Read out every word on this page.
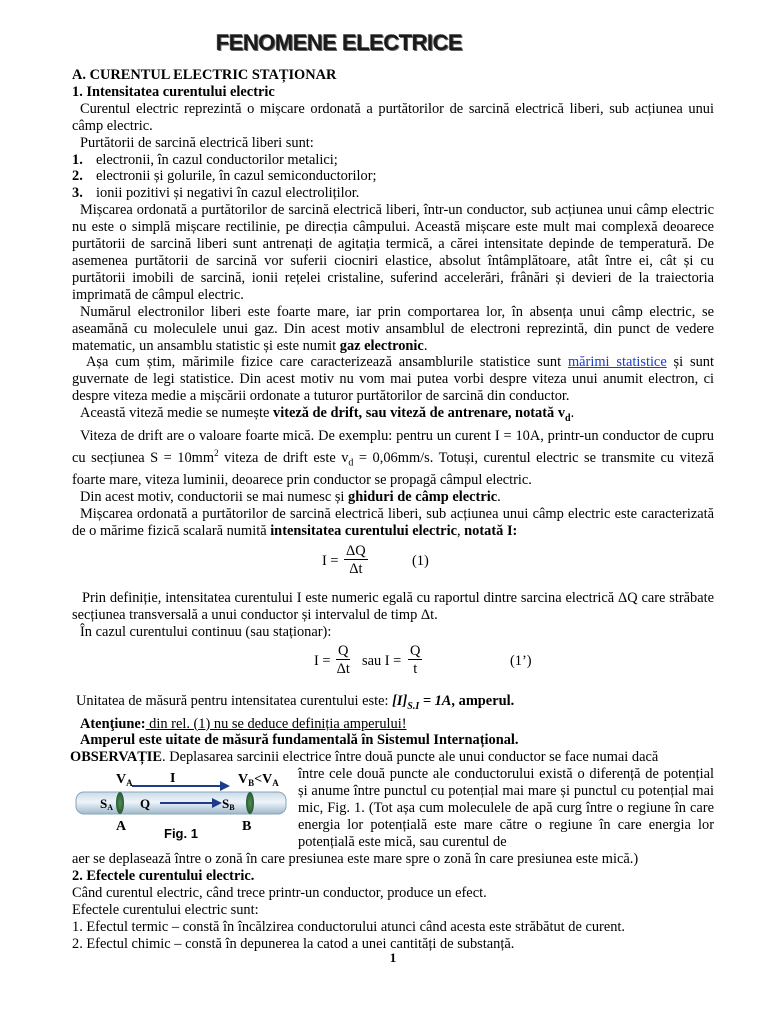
FENOMENE ELECTRICE

A. CURENTUL ELECTRIC STAȚIONAR

1. Intensitatea curentului electric

Curentul electric reprezintă o mișcare ordonată a purtătorilor de sarcină electrică liberi, sub acțiunea unui câmp electric.

Purtătorii de sarcină electrică liberi sunt:

1. electronii, în cazul conductorilor metalici;
2. electronii și golurile, în cazul semiconductorilor;
3. ionii pozitivi și negativi în cazul electroliților.

Mișcarea ordonată a purtătorilor de sarcină electrică liberi, într-un conductor, sub acțiunea unui câmp electric nu este o simplă mișcare rectilinie, pe direcția câmpului. Această mișcare este mult mai complexă deoarece purtătorii de sarcină liberi sunt antrenați de agitația termică, a cărei intensitate depinde de temperatură. De asemenea purtătorii de sarcină vor suferii ciocniri elastice, absolut întâmplătoare, atât între ei, cât și cu purtătorii imobili de sarcină, ionii rețelei cristaline, suferind accelerări, frânări și devieri de la traiectoria imprimată de câmpul electric.

Numărul electronilor liberi este foarte mare, iar prin comportarea lor, în absența unui câmp electric, se aseamănă cu moleculele unui gaz. Din acest motiv ansamblul de electroni reprezintă, din punct de vedere matematic, un ansamblu statistic și este numit gaz electronic.

Așa cum știm, mărimile fizice care caracterizează ansamblurile statistice sunt mărimi statistice și sunt guvernate de legi statistice. Din acest motiv nu vom mai putea vorbi despre viteza unui anumit electron, ci despre viteza medie a mișcării ordonate a tuturor purtătorilor de sarcină din conductor.

Această viteză medie se numește viteză de drift, sau viteză de antrenare, notată $v_d$.

Viteza de drift are o valoare foarte mică. De exemplu: pentru un curent I = 10A, printr-un conductor de cupru cu secțiunea $S = 10mm^2$ viteza de drift este $v_d = 0,06mm/s$. Totuși, curentul electric se transmite cu viteză foarte mare, viteza luminii, deoarece prin conductor se propagă câmpul electric.

Din acest motiv, conductorii se mai numesc și ghiduri de câmp electric.

Mișcarea ordonată a purtătorilor de sarcină electrică liberi, sub acțiunea unui câmp electric este caracterizată de o mărime fizică scalară numită intensitatea curentului electric, notată I:

$I = \frac{\Delta Q}{\Delta t}$	(1)

Prin definiție, intensitatea curentului I este numeric egală cu raportul dintre sarcina electrică ΔQ care străbate secțiunea transversală a unui conductor și intervalul de timp Δt.

În cazul curentului continuu (sau staționar):

$I = \frac{Q}{\Delta t}$ sau $I = \frac{Q}{t}$	(1’)

Unitatea de măsură pentru intensitatea curentului este: $[I]_{S.I} = 1A$, amperul.

Atenţiune: din rel. (1) nu se deduce definiția amperului!

Amperul este uitate de măsură fundamentală în Sistemul Internațional.

OBSERVAȚIE. Deplasarea sarcinii electrice între două puncte ale unui conductor se face numai dacă

$V_A$	I	$V_B<V_A$
SA Q	SB
A	B
Fig. 1
între cele două puncte ale conductorului există o diferență de potențial și anume între punctul cu potențial mai mare și punctul cu potențial mai mic, Fig. 1. (Tot așa cum moleculele de apă curg între o regiune în care energia lor potențială este mare către o regiune în care energia lor potențială este mică, sau curentul de

aer se deplasează între o zonă în care presiunea este mare spre o zonă în care presiunea este mică.)

2. Efectele curentului electric.

Când curentul electric, când trece printr-un conductor, produce un efect.

Efectele curentului electric sunt:

1. Efectul termic – constă în încălzirea conductorului atunci când acesta este străbătut de curent.

2. Efectul chimic – constă în depunerea la catod a unei cantități de substanță.

1
